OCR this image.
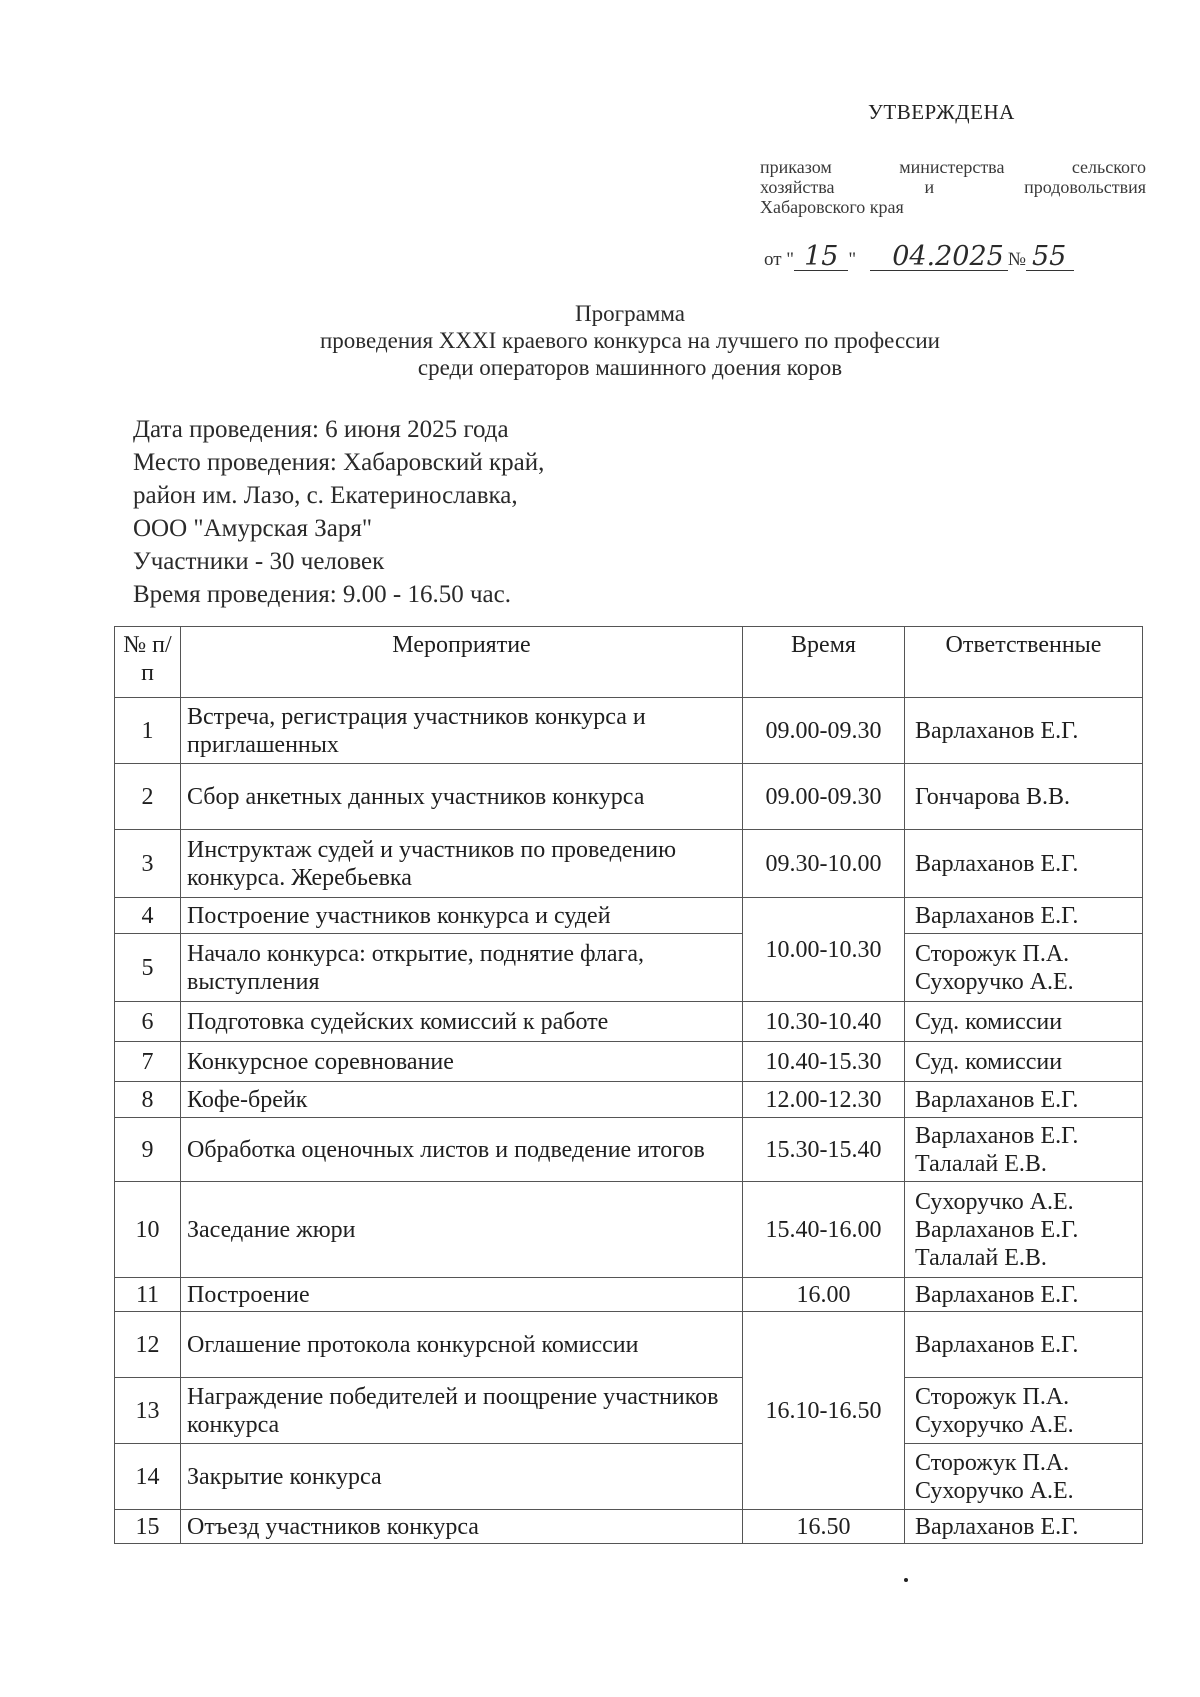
УТВЕРЖДЕНА
приказом министерства сельского
хозяйства и продовольствия
Хабаровского края
от " 15 "	04.2025 № 55
Программа
проведения XXXI краевого конкурса на лучшего по профессии
среди операторов машинного доения коров
Дата проведения: 6 июня 2025 года
Место проведения: Хабаровский край,
район им. Лазо, с. Екатеринославка,
ООО "Амурская Заря"
Участники - 30 человек
Время проведения: 9.00 - 16.50 час.
№ п/п	Мероприятие	Время	Ответственные
1	Встреча, регистрация участников конкурса и приглашенных	09.00-09.30	Варлаханов Е.Г.

2	Сбор анкетных данных участников конкурса	09.00-09.30	Гончарова В.В.

3	Инструктаж судей и участников по проведению конкурса. Жеребьевка	09.30-10.00	Варлаханов Е.Г.

4	Построение участников конкурса и судей	10.00-10.30	Варлаханов Е.Г.

5	Начало конкурса: открытие, поднятие флага, выступления		Сторожук П.А.
Сухоручко А.Е.

6	Подготовка судейских комиссий к работе	10.30-10.40	Суд. комиссии

7	Конкурсное соревнование	10.40-15.30	Суд. комиссии

8	Кофе-брейк	12.00-12.30	Варлаханов Е.Г.

9	Обработка оценочных листов и подведение итогов	15.30-15.40	Варлаханов Е.Г.
Талалай Е.В.

10	Заседание жюри	15.40-16.00	Сухоручко А.Е.
Варлаханов Е.Г.
Талалай Е.В.

11	Построение	16.00	Варлаханов Е.Г.

12	Оглашение протокола конкурсной комиссии	16.10-16.50	Варлаханов Е.Г.

13	Награждение победителей и поощрение участников конкурса		Сторожук П.А.
Сухоручко А.Е.

14	Закрытие конкурса		Сторожук П.А.
Сухоручко А.Е.

15	Отъезд участников конкурса	16.50	Варлаханов Е.Г.
